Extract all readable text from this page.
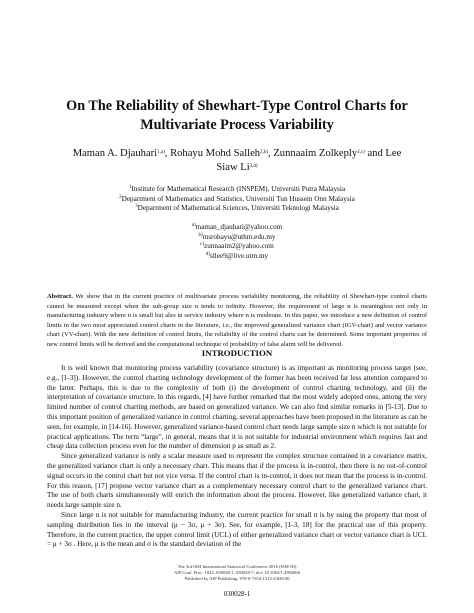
On The Reliability of Shewhart-Type Control Charts for
Multivariate Process Variability
Maman A. Djauhari$^{1,a)}$, Rohayu Mohd Salleh$^{2,b)}$, Zunnaaim Zolkeply$^{2,c)}$ and Lee
Siaw Li$^{3,d)}$
$^1$Institute for Mathematical Research (INSPEM), Universiti Putra Malaysia
$^2$Department of Mathematics and Statistics, Universiti Tun Hussein Onn Malaysia
$^3$Department of Mathematical Sciences, Universiti Teknologi Malaysia
$^{a)}$maman_djauhari@yahoo.com
$^{b)}$msrohayu@uthm.edu.my
$^{c)}$zunnaaim2@yahoo.com
$^{d)}$sllee9@live.utm.my
Abstract. We show that in the current practice of multivariate process variability monitoring, the reliability of Shewhart-type control charts cannot be measured except when the sub-group size n tends to infinity. However, the requirement of large n is meaningless not only in manufacturing industry where n is small but also in service industry where n is moderate. In this paper, we introduce a new definition of control limits in the two most appreciated control charts in the literature, i.e., the improved generalized variance chart (IGV-chart) and vector variance chart (VV-chart). With the new definition of control limits, the reliability of the control charts can be determined. Some important properties of new control limits will be derived and the computational technique of probability of false alarm will be delivered.
INTRODUCTION

It is well known that monitoring process variability (covariance structure) is as important as monitoring process target (see, e.g., [1-3]). However, the control charting technology development of the former has been received far less attention compared to the latter. Perhaps, this is due to the complexity of both (i) the development of control charting technology, and (ii) the interpretation of covariance structure. In this regards, [4] have further remarked that the most widely adopted ones, among the very limited number of control charting methods, are based on generalized variance. We can also find similar remarks in [5-13]. Due to this important position of generalized variance in control charting, several approaches have been proposed in the literature as can be seen, for example, in [14-16]. However, generalized variance-based control chart needs large sample size n which is not suitable for practical applications. The term “large”, in general, means that it is not suitable for industrial environment which requires fast and cheap data collection process even for the number of dimension p as small as 2.

Since generalized variance is only a scalar measure used to represent the complex structure contained in a covariance matrix, the generalized variance chart is only a necessary chart. This means that if the process is in-control, then there is no out-of-control signal occurs in the control chart but not vice versa. If the control chart is in-control, it does not mean that the process is in-control. For this reason, [17] propose vector variance chart as a complementary necessary control chart to the generalized variance chart. The use of both charts simultaneously will enrich the information about the process. However, like generalized variance chart, it needs large sample size n.

Since large n is not suitable for manufacturing industry, the current practice for small n is by using the property that most of sampling distribution lies in the interval (μ − 3σ, μ + 3σ). See, for example, [1-3, 18] for the practical use of this property. Therefore, in the current practice, the upper control limit (UCL) of either generalized variance chart or vector variance chart is UCL = μ + 3σ . Here, μ is the mean and σ is the standard deviation of the

The 3rd ISM International Statistical Conference 2016 (ISM-III)
AIP Conf. Proc. 1842, 030028-1–030028-7; doi: 10.1063/1.4982866
Published by AIP Publishing. 978-0-7354-1512-4/$30.00
030028-1
